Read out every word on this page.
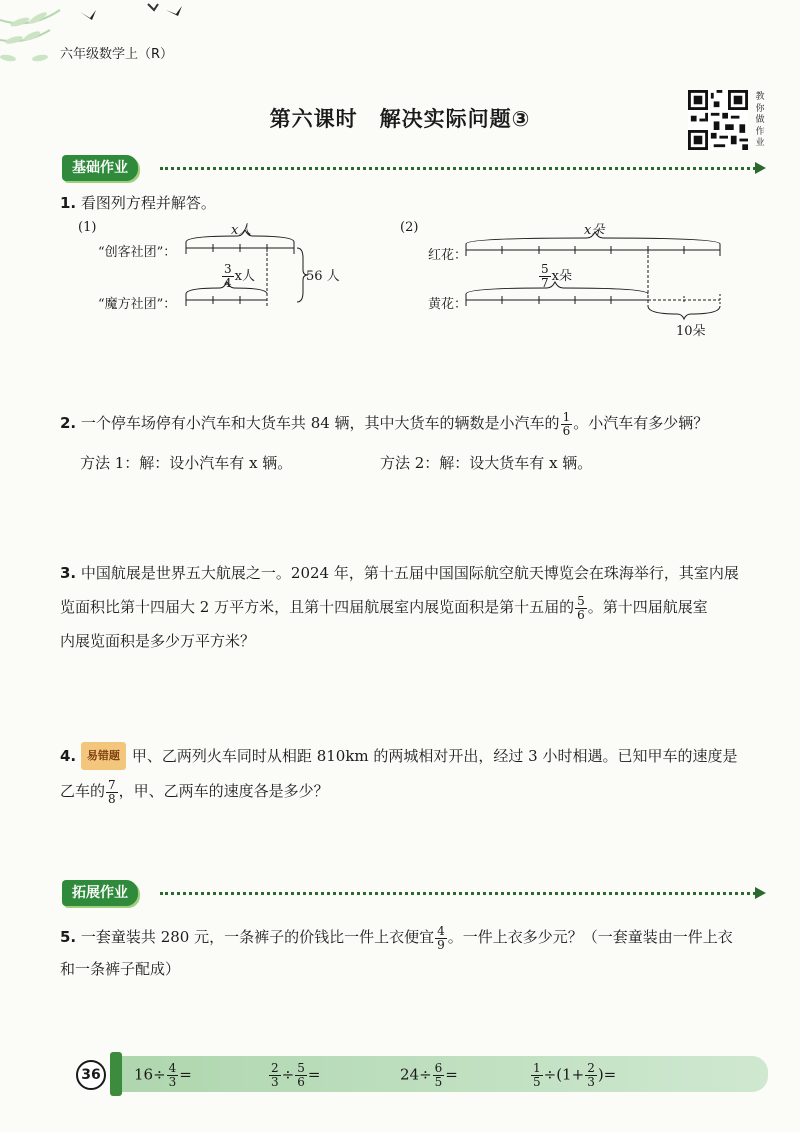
六年级数学上（R）
第六课时　解决实际问题③
教
你
做
作
业
基础作业
1. 看图列方程并解答。
(1)
“创客社团”：
“魔方社团”：
x人
$\frac{3}{4}$ x人	56 人
(2)
红花：
黄花：
x朵
$\frac{5}{7}$ x朵
10朵
2. 一个停车场停有小汽车和大货车共 84 辆，其中大货车的辆数是小汽车的 $\frac{1}{6}$ 。小汽车有多少辆？
方法 1：解：设小汽车有 x 辆。	方法 2：解：设大货车有 x 辆。
3. 中国航展是世界五大航展之一。2024 年，第十五届中国国际航空航天博览会在珠海举行，其室内展
览面积比第十四届大 2 万平方米，且第十四届航展室内展览面积是第十五届的 $\frac{5}{6}$ 。第十四届航展室
内展览面积是多少万平方米？
4. 易错题 甲、乙两列火车同时从相距 810km 的两城相对开出，经过 3 小时相遇。已知甲车的速度是
乙车的 $\frac{7}{8}$ ，甲、乙两车的速度各是多少？
拓展作业
5. 一套童装共 280 元，一条裤子的价钱比一件上衣便宜 $\frac{4}{9}$ 。一件上衣多少元？（一套童装由一件上衣
和一条裤子配成）
36	$16\div \frac{4}{3}$ =	$\frac{2}{3} \div \frac{5}{6}$ =	$24\div \frac{6}{5}$ =	$\frac{1}{5} \div(1+ \frac{2}{3}$ )=
